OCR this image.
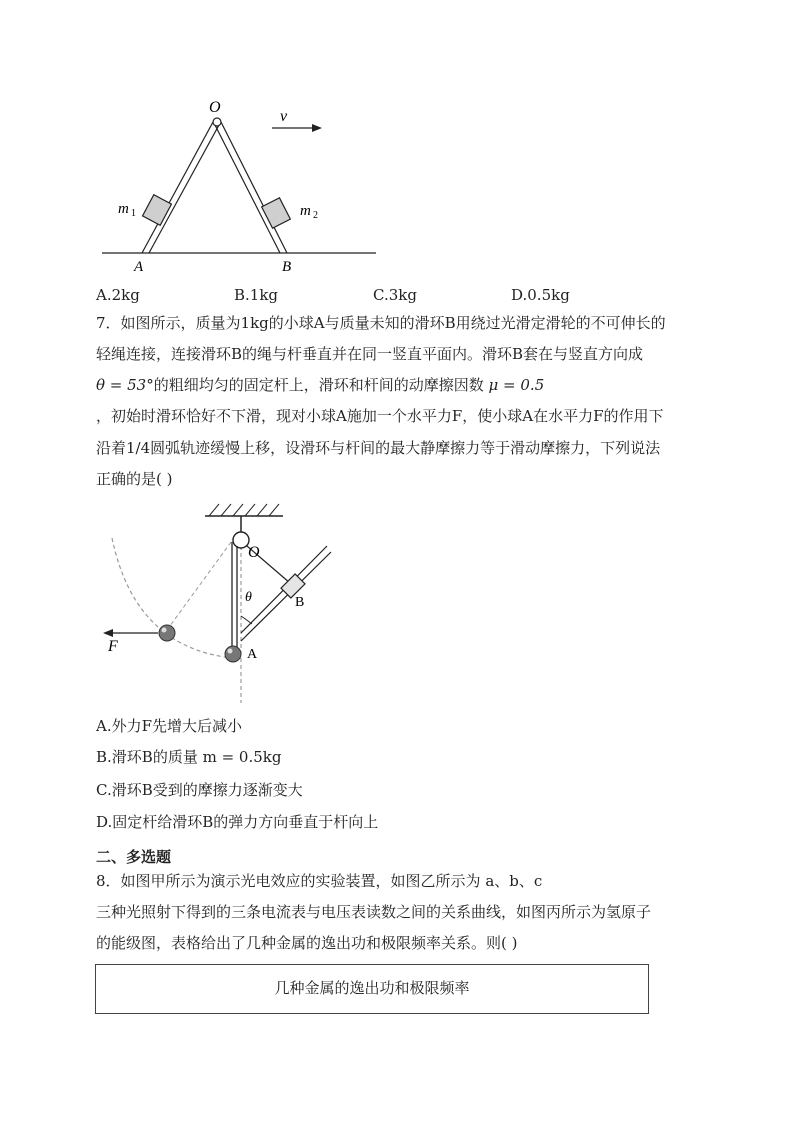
O
v
m 1	m 2
A	B
A.2kg	B.1kg	C.3kg	D.0.5kg
7．如图所示，质量为1kg的小球A与质量未知的滑环B用绕过光滑定滑轮的不可伸长的
轻绳连接，连接滑环B的绳与杆垂直并在同一竖直平面内。滑环B套在与竖直方向成
θ = 53°的粗细均匀的固定杆上，滑环和杆间的动摩擦因数 μ = 0.5
，初始时滑环恰好不下滑，现对小球A施加一个水平力F，使小球A在水平力F的作用下
沿着1/4圆弧轨迹缓慢上移，设滑环与杆间的最大静摩擦力等于滑动摩擦力，下列说法
正确的是( )
O
θ	B
A
F
A.外力F先增大后减小
B.滑环B的质量 m = 0.5kg
C.滑环B受到的摩擦力逐渐变大
D.固定杆给滑环B的弹力方向垂直于杆向上
二、多选题
8．如图甲所示为演示光电效应的实验装置，如图乙所示为 a、b、c
三种光照射下得到的三条电流表与电压表读数之间的关系曲线，如图丙所示为氢原子
的能级图，表格给出了几种金属的逸出功和极限频率关系。则( )
几种金属的逸出功和极限频率
